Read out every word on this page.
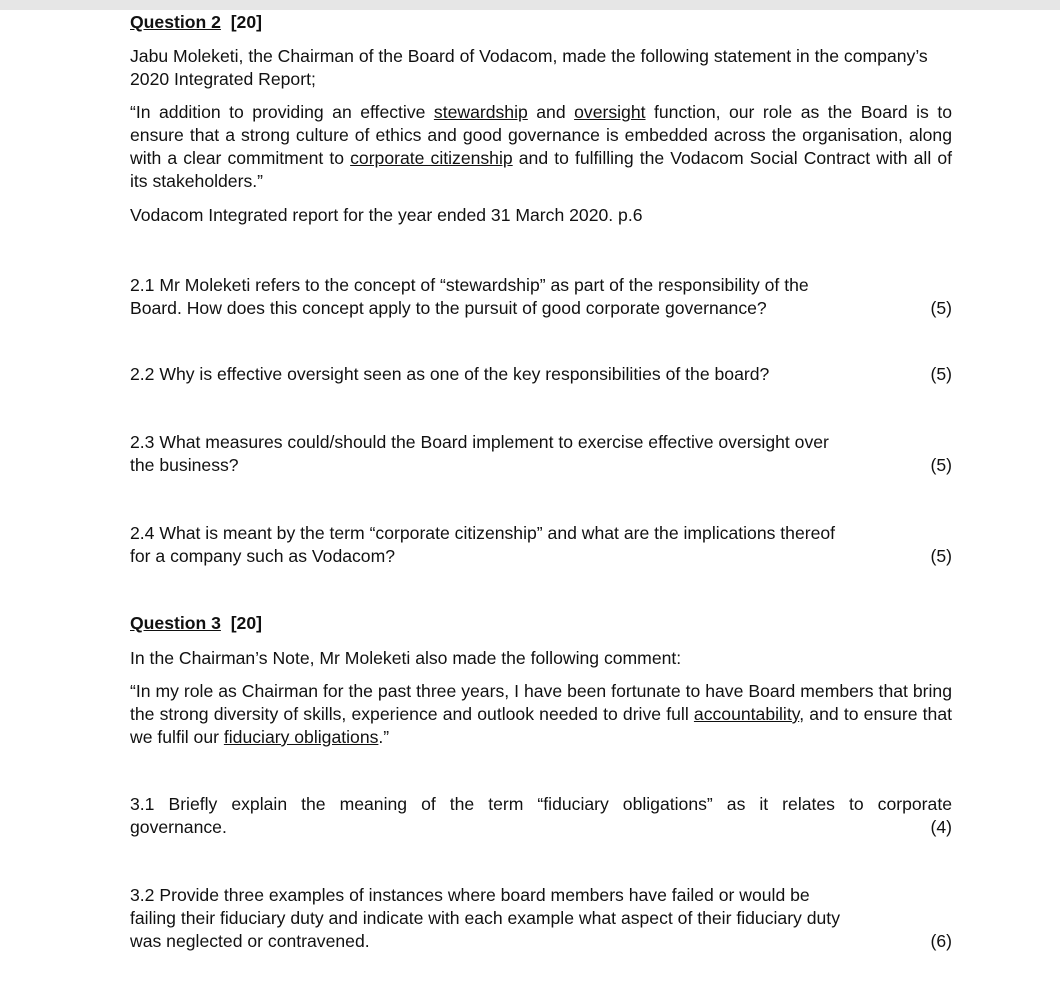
Question 2 [20]

Jabu Moleketi, the Chairman of the Board of Vodacom, made the following statement in the company’s 2020 Integrated Report;

“In addition to providing an effective stewardship and oversight function, our role as the Board is to ensure that a strong culture of ethics and good governance is embedded across the organisation, along with a clear commitment to corporate citizenship and to fulfilling the Vodacom Social Contract with all of its stakeholders.”

Vodacom Integrated report for the year ended 31 March 2020. p.6

2.1 Mr Moleketi refers to the concept of “stewardship” as part of the responsibility of the
Board. How does this concept apply to the pursuit of good corporate governance?	(5)
2.2 Why is effective oversight seen as one of the key responsibilities of the board?	(5)
2.3 What measures could/should the Board implement to exercise effective oversight over
the business?	(5)
2.4 What is meant by the term “corporate citizenship” and what are the implications thereof
for a company such as Vodacom?	(5)
Question 3 [20]

In the Chairman’s Note, Mr Moleketi also made the following comment:

“In my role as Chairman for the past three years, I have been fortunate to have Board members that bring the strong diversity of skills, experience and outlook needed to drive full accountability, and to ensure that we fulfil our fiduciary obligations.”

3.1 Briefly explain the meaning of the term “fiduciary obligations” as it relates to corporate
governance.	(4)
3.2 Provide three examples of instances where board members have failed or would be
failing their fiduciary duty and indicate with each example what aspect of their fiduciary duty
was neglected or contravened.	(6)
